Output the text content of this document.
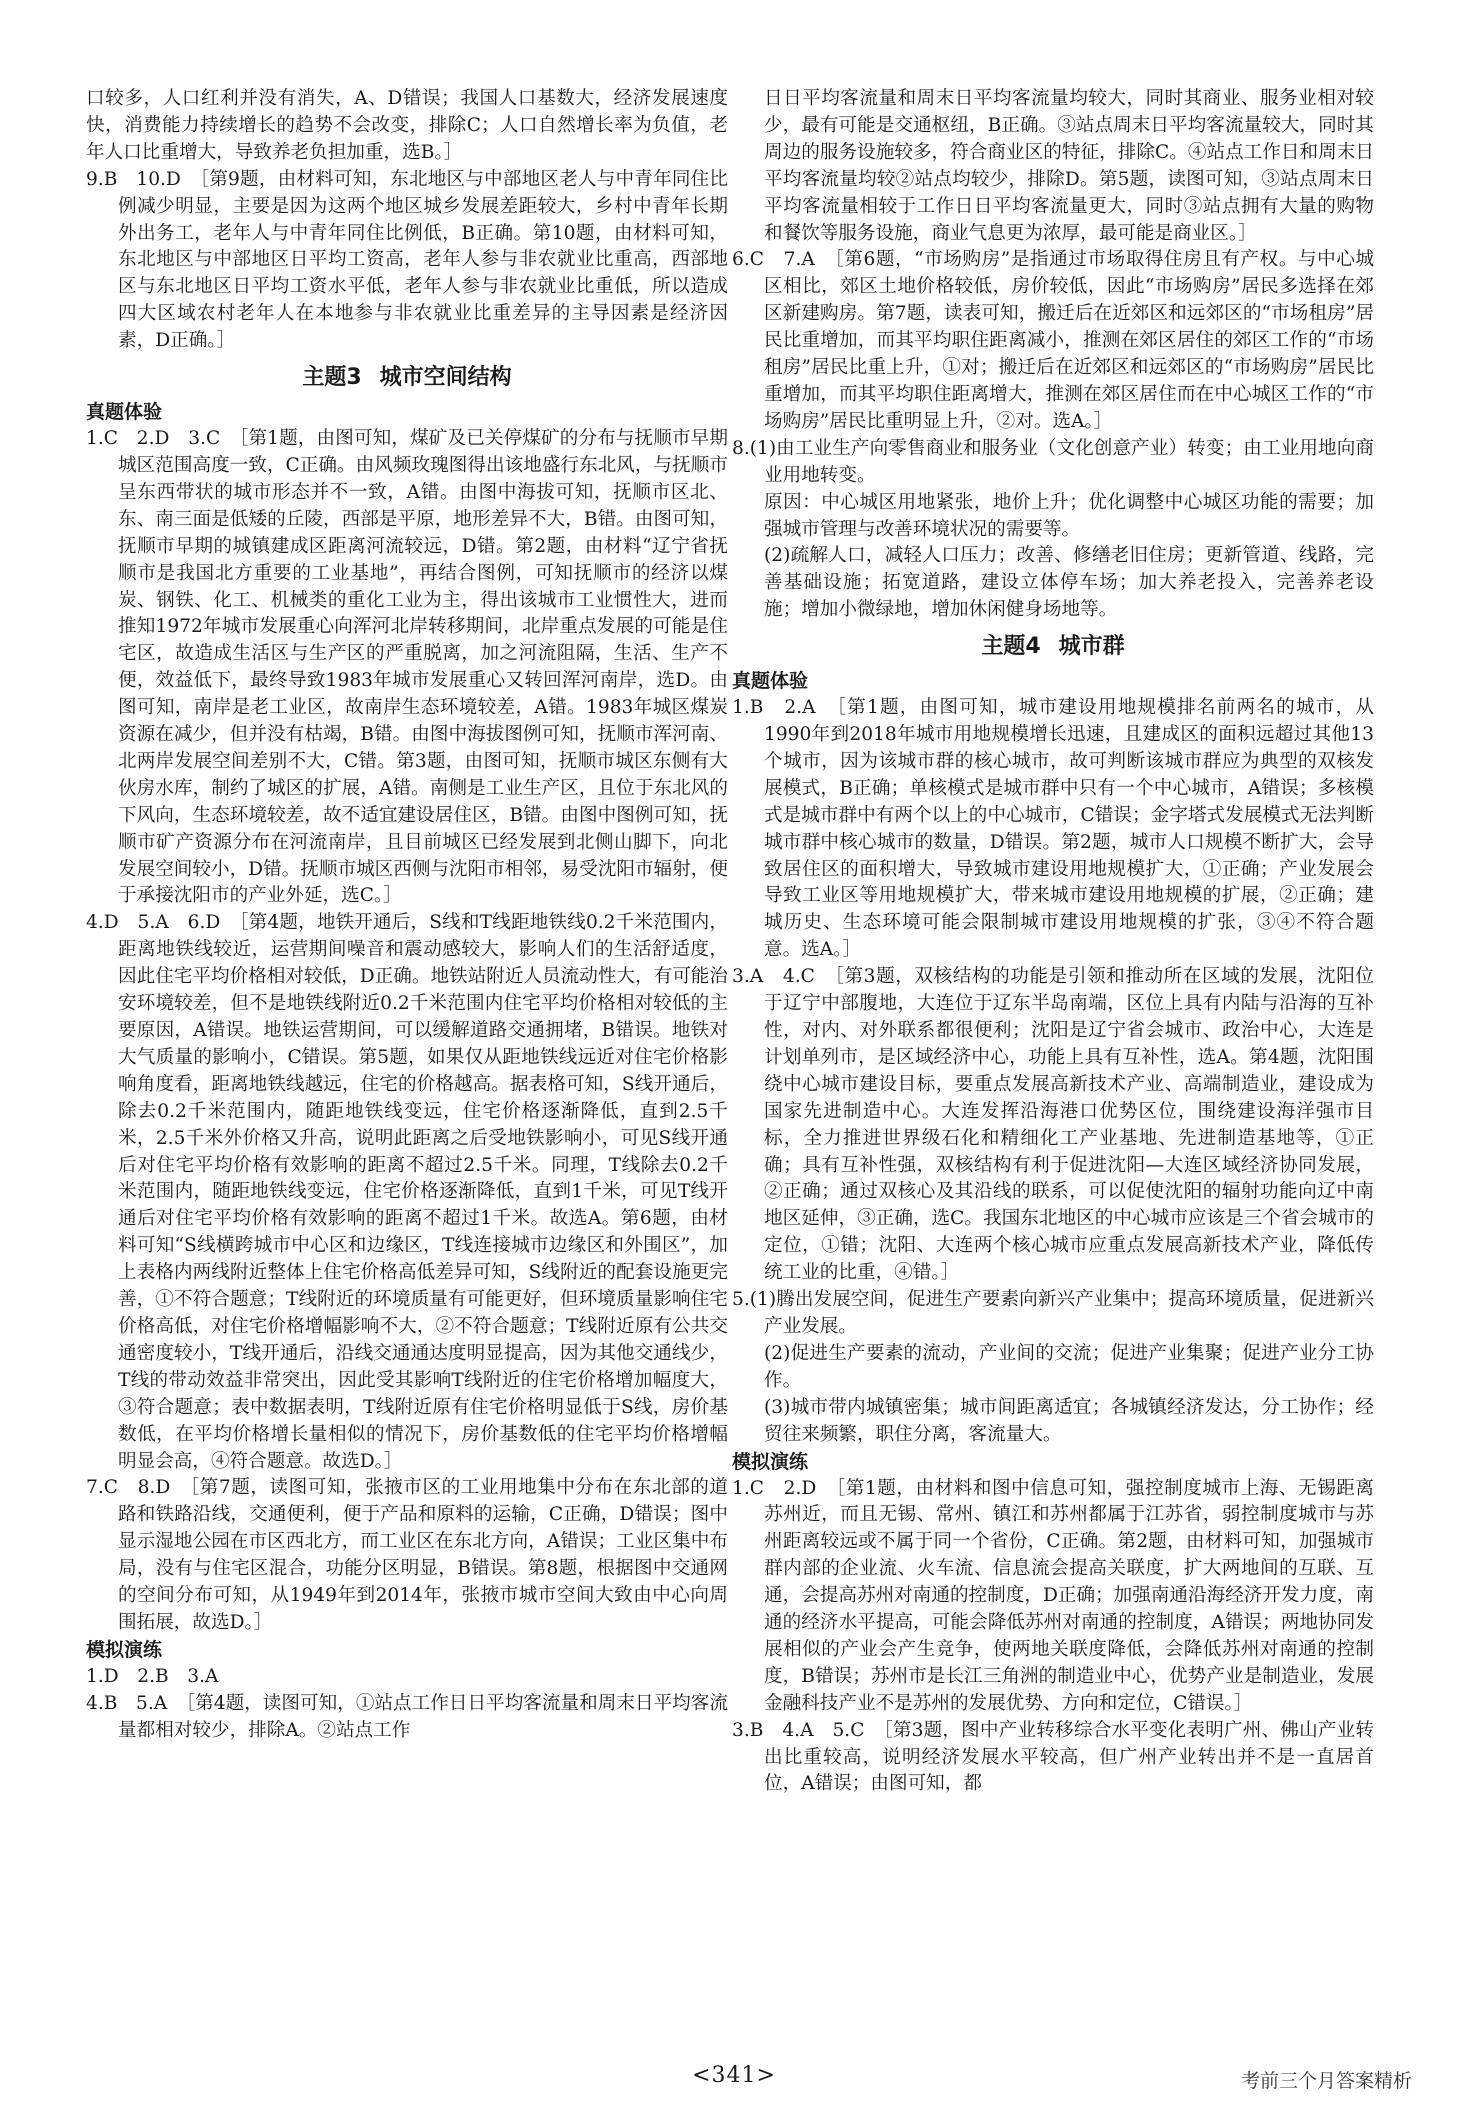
口较多，人口红利并没有消失，A、D错误；我国人口基数大，经济发展速度快，消费能力持续增长的趋势不会改变，排除C；人口自然增长率为负值，老年人口比重增大，导致养老负担加重，选B。］

9.B　10.D　［第9题，由材料可知，东北地区与中部地区老人与中青年同住比例减少明显，主要是因为这两个地区城乡发展差距较大，乡村中青年长期外出务工，老年人与中青年同住比例低，B正确。第10题，由材料可知，东北地区与中部地区日平均工资高，老年人参与非农就业比重高，西部地区与东北地区日平均工资水平低，老年人参与非农就业比重低，所以造成四大区域农村老年人在本地参与非农就业比重差异的主导因素是经济因素，D正确。］

主题3 城市空间结构
真题体验

1.C　2.D　3.C　［第1题，由图可知，煤矿及已关停煤矿的分布与抚顺市早期城区范围高度一致，C正确。由风频玫瑰图得出该地盛行东北风，与抚顺市呈东西带状的城市形态并不一致，A错。由图中海拔可知，抚顺市区北、东、南三面是低矮的丘陵，西部是平原，地形差异不大，B错。由图可知，抚顺市早期的城镇建成区距离河流较远，D错。第2题，由材料“辽宁省抚顺市是我国北方重要的工业基地”，再结合图例，可知抚顺市的经济以煤炭、钢铁、化工、机械类的重化工业为主，得出该城市工业惯性大，进而推知1972年城市发展重心向浑河北岸转移期间，北岸重点发展的可能是住宅区，故造成生活区与生产区的严重脱离，加之河流阻隔，生活、生产不便，效益低下，最终导致1983年城市发展重心又转回浑河南岸，选D。由图可知，南岸是老工业区，故南岸生态环境较差，A错。1983年城区煤炭资源在减少，但并没有枯竭，B错。由图中海拔图例可知，抚顺市浑河南、北两岸发展空间差别不大，C错。第3题，由图可知，抚顺市城区东侧有大伙房水库，制约了城区的扩展，A错。南侧是工业生产区，且位于东北风的下风向，生态环境较差，故不适宜建设居住区，B错。由图中图例可知，抚顺市矿产资源分布在河流南岸，且目前城区已经发展到北侧山脚下，向北发展空间较小，D错。抚顺市城区西侧与沈阳市相邻，易受沈阳市辐射，便于承接沈阳市的产业外延，选C。］

4.D　5.A　6.D　［第4题，地铁开通后，S线和T线距地铁线0.2千米范围内，距离地铁线较近，运营期间噪音和震动感较大，影响人们的生活舒适度，因此住宅平均价格相对较低，D正确。地铁站附近人员流动性大，有可能治安环境较差，但不是地铁线附近0.2千米范围内住宅平均价格相对较低的主要原因，A错误。地铁运营期间，可以缓解道路交通拥堵，B错误。地铁对大气质量的影响小，C错误。第5题，如果仅从距地铁线远近对住宅价格影响角度看，距离地铁线越远，住宅的价格越高。据表格可知，S线开通后，除去0.2千米范围内，随距地铁线变远，住宅价格逐渐降低，直到2.5千米，2.5千米外价格又升高，说明此距离之后受地铁影响小，可见S线开通后对住宅平均价格有效影响的距离不超过2.5千米。同理，T线除去0.2千米范围内，随距地铁线变远，住宅价格逐渐降低，直到1千米，可见T线开通后对住宅平均价格有效影响的距离不超过1千米。故选A。第6题，由材料可知“S线横跨城市中心区和边缘区，T线连接城市边缘区和外围区”，加上表格内两线附近整体上住宅价格高低差异可知，S线附近的配套设施更完善，①不符合题意；T线附近的环境质量有可能更好，但环境质量影响住宅价格高低，对住宅价格增幅影响不大，②不符合题意；T线附近原有公共交通密度较小，T线开通后，沿线交通通达度明显提高，因为其他交通线少，T线的带动效益非常突出，因此受其影响T线附近的住宅价格增加幅度大，③符合题意；表中数据表明，T线附近原有住宅价格明显低于S线，房价基数低，在平均价格增长量相似的情况下，房价基数低的住宅平均价格增幅明显会高，④符合题意。故选D。］

7.C　8.D　［第7题，读图可知，张掖市区的工业用地集中分布在东北部的道路和铁路沿线，交通便利，便于产品和原料的运输，C正确，D错误；图中显示湿地公园在市区西北方，而工业区在东北方向，A错误；工业区集中布局，没有与住宅区混合，功能分区明显，B错误。第8题，根据图中交通网的空间分布可知，从1949年到2014年，张掖市城市空间大致由中心向周围拓展，故选D。］

模拟演练

1.D　2.B　3.A

4.B　5.A　［第4题，读图可知，①站点工作日日平均客流量和周末日平均客流量都相对较少，排除A。②站点工作

日日平均客流量和周末日平均客流量均较大，同时其商业、服务业相对较少，最有可能是交通枢纽，B正确。③站点周末日平均客流量较大，同时其周边的服务设施较多，符合商业区的特征，排除C。④站点工作日和周末日平均客流量均较②站点均较少，排除D。第5题，读图可知，③站点周末日平均客流量相较于工作日日平均客流量更大，同时③站点拥有大量的购物和餐饮等服务设施，商业气息更为浓厚，最可能是商业区。］

6.C　7.A　［第6题，“市场购房”是指通过市场取得住房且有产权。与中心城区相比，郊区土地价格较低，房价较低，因此“市场购房”居民多选择在郊区新建购房。第7题，读表可知，搬迁后在近郊区和远郊区的“市场租房”居民比重增加，而其平均职住距离减小，推测在郊区居住的郊区工作的“市场租房”居民比重上升，①对；搬迁后在近郊区和远郊区的“市场购房”居民比重增加，而其平均职住距离增大，推测在郊区居住而在中心城区工作的“市场购房”居民比重明显上升，②对。选A。］

8.(1)由工业生产向零售商业和服务业（文化创意产业）转变；由工业用地向商业用地转变。

原因：中心城区用地紧张，地价上升；优化调整中心城区功能的需要；加强城市管理与改善环境状况的需要等。

(2)疏解人口，减轻人口压力；改善、修缮老旧住房；更新管道、线路，完善基础设施；拓宽道路，建设立体停车场；加大养老投入，完善养老设施；增加小微绿地，增加休闲健身场地等。

主题4 城市群
真题体验

1.B　2.A　［第1题，由图可知，城市建设用地规模排名前两名的城市，从1990年到2018年城市用地规模增长迅速，且建成区的面积远超过其他13个城市，因为该城市群的核心城市，故可判断该城市群应为典型的双核发展模式，B正确；单核模式是城市群中只有一个中心城市，A错误；多核模式是城市群中有两个以上的中心城市，C错误；金字塔式发展模式无法判断城市群中核心城市的数量，D错误。第2题，城市人口规模不断扩大，会导致居住区的面积增大，导致城市建设用地规模扩大，①正确；产业发展会导致工业区等用地规模扩大，带来城市建设用地规模的扩展，②正确；建城历史、生态环境可能会限制城市建设用地规模的扩张，③④不符合题意。选A。］

3.A　4.C　［第3题，双核结构的功能是引领和推动所在区域的发展，沈阳位于辽宁中部腹地，大连位于辽东半岛南端，区位上具有内陆与沿海的互补性，对内、对外联系都很便利；沈阳是辽宁省会城市、政治中心，大连是计划单列市，是区域经济中心，功能上具有互补性，选A。第4题，沈阳围绕中心城市建设目标，要重点发展高新技术产业、高端制造业，建设成为国家先进制造中心。大连发挥沿海港口优势区位，围绕建设海洋强市目标，全力推进世界级石化和精细化工产业基地、先进制造基地等，①正确；具有互补性强，双核结构有利于促进沈阳—大连区域经济协同发展，②正确；通过双核心及其沿线的联系，可以促使沈阳的辐射功能向辽中南地区延伸，③正确，选C。我国东北地区的中心城市应该是三个省会城市的定位，①错；沈阳、大连两个核心城市应重点发展高新技术产业，降低传统工业的比重，④错。］

5.(1)腾出发展空间，促进生产要素向新兴产业集中；提高环境质量，促进新兴产业发展。

(2)促进生产要素的流动，产业间的交流；促进产业集聚；促进产业分工协作。

(3)城市带内城镇密集；城市间距离适宜；各城镇经济发达，分工协作；经贸往来频繁，职住分离，客流量大。

模拟演练

1.C　2.D　［第1题，由材料和图中信息可知，强控制度城市上海、无锡距离苏州近，而且无锡、常州、镇江和苏州都属于江苏省，弱控制度城市与苏州距离较远或不属于同一个省份，C正确。第2题，由材料可知，加强城市群内部的企业流、火车流、信息流会提高关联度，扩大两地间的互联、互通，会提高苏州对南通的控制度，D正确；加强南通沿海经济开发力度，南通的经济水平提高，可能会降低苏州对南通的控制度，A错误；两地协同发展相似的产业会产生竞争，使两地关联度降低，会降低苏州对南通的控制度，B错误；苏州市是长江三角洲的制造业中心，优势产业是制造业，发展金融科技产业不是苏州的发展优势、方向和定位，C错误。］

3.B　4.A　5.C　［第3题，图中产业转移综合水平变化表明广州、佛山产业转出比重较高，说明经济发展水平较高，但广州产业转出并不是一直居首位，A错误；由图可知，都

<341>	考前三个月答案精析
